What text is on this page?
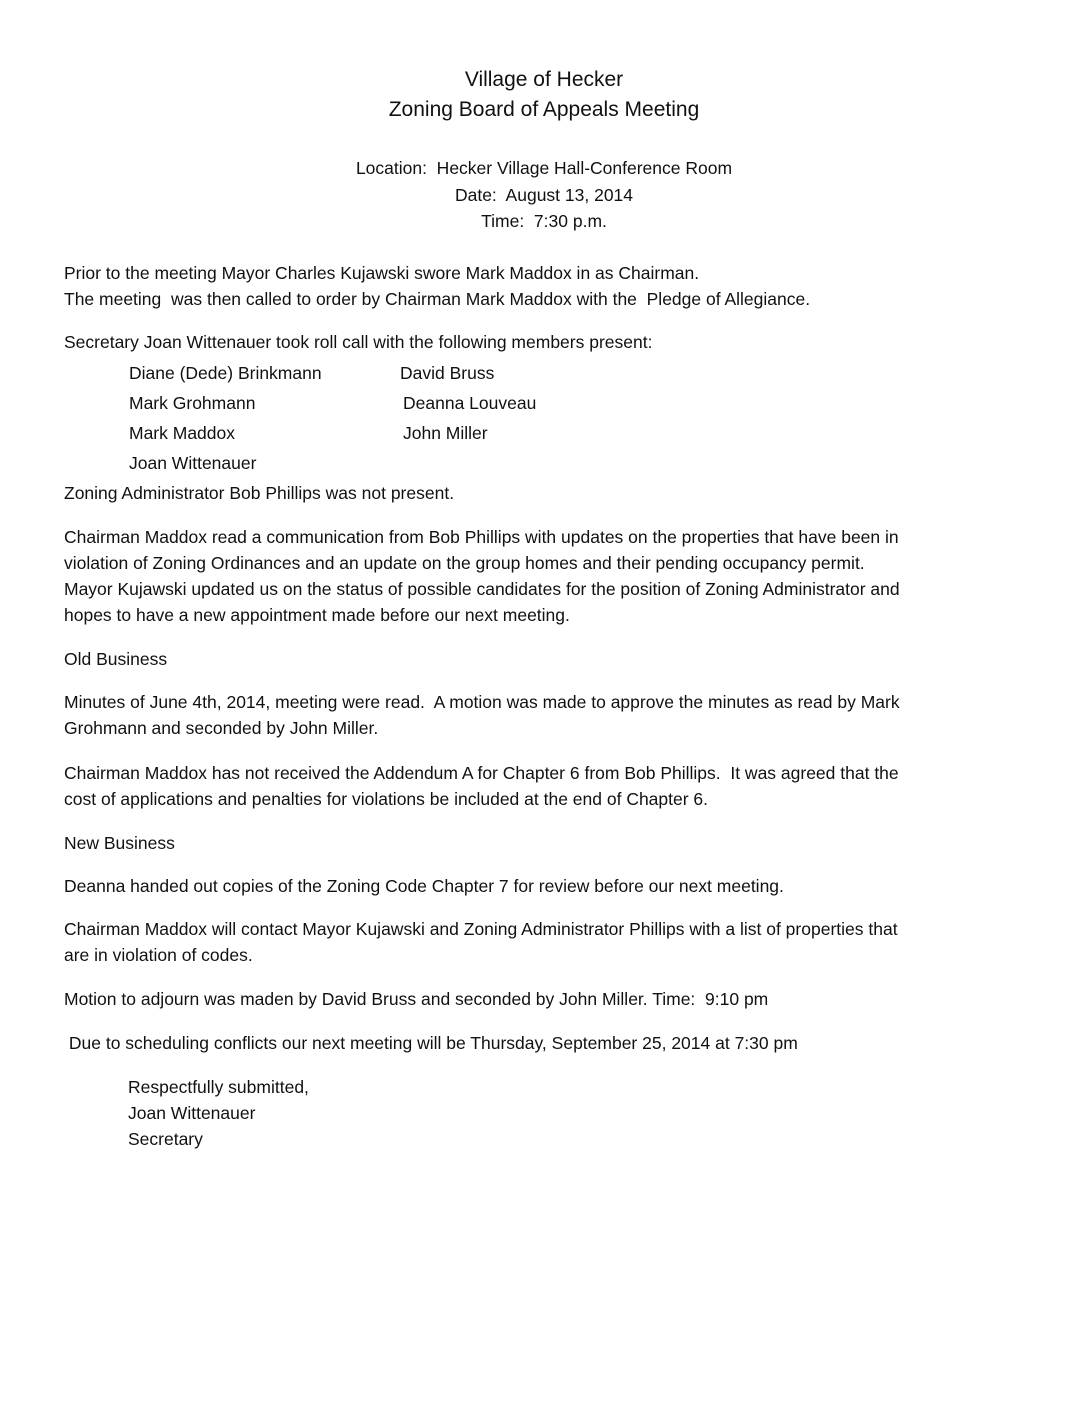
Village of Hecker
Zoning Board of Appeals Meeting
Location:  Hecker Village Hall-Conference Room
Date:  August 13, 2014
Time:  7:30 p.m.
Prior to the meeting Mayor Charles Kujawski swore Mark Maddox in as Chairman.
The meeting  was then called to order by Chairman Mark Maddox with the  Pledge of Allegiance.
Secretary Joan Wittenauer took roll call with the following members present:
Diane (Dede) Brinkmann	David Bruss
Mark Grohmann	Deanna Louveau
Mark Maddox	John Miller
Joan Wittenauer
Zoning Administrator Bob Phillips was not present.
Chairman Maddox read a communication from Bob Phillips with updates on the properties that have been in
violation of Zoning Ordinances and an update on the group homes and their pending occupancy permit.
Mayor Kujawski updated us on the status of possible candidates for the position of Zoning Administrator and
hopes to have a new appointment made before our next meeting.
Old Business
Minutes of June 4th, 2014, meeting were read.  A motion was made to approve the minutes as read by Mark
Grohmann and seconded by John Miller.
Chairman Maddox has not received the Addendum A for Chapter 6 from Bob Phillips.  It was agreed that the
cost of applications and penalties for violations be included at the end of Chapter 6.
New Business
Deanna handed out copies of the Zoning Code Chapter 7 for review before our next meeting.
Chairman Maddox will contact Mayor Kujawski and Zoning Administrator Phillips with a list of properties that
are in violation of codes.
Motion to adjourn was maden by David Bruss and seconded by John Miller. Time:  9:10 pm
Due to scheduling conflicts our next meeting will be Thursday, September 25, 2014 at 7:30 pm
Respectfully submitted,
Joan Wittenauer
Secretary
